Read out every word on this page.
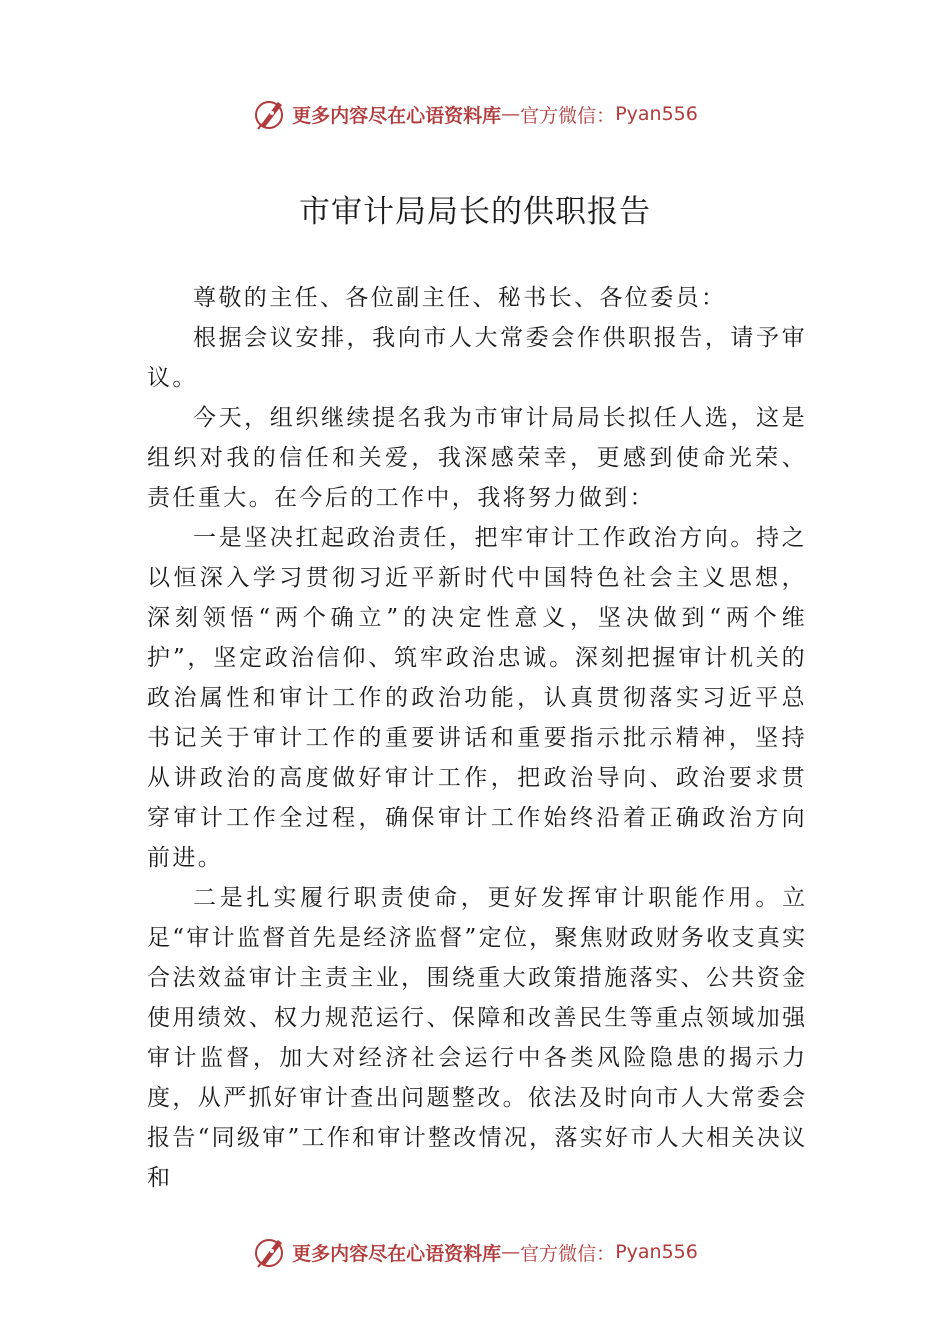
更多内容尽在心语资料库 — 官方微信： Pyan556
市审计局局长的供职报告

尊敬的主任、各位副主任、秘书长、各位委员：

根据会议安排，我向市人大常委会作供职报告，请予审议。

今天，组织继续提名我为市审计局局长拟任人选，这是组织对我的信任和关爱，我深感荣幸，更感到使命光荣、责任重大。在今后的工作中，我将努力做到：

一是坚决扛起政治责任，把牢审计工作政治方向。持之以恒深入学习贯彻习近平新时代中国特色社会主义思想，深刻领悟“两个确立”的决定性意义，坚决做到“两个维护”，坚定政治信仰、筑牢政治忠诚。深刻把握审计机关的政治属性和审计工作的政治功能，认真贯彻落实习近平总书记关于审计工作的重要讲话和重要指示批示精神，坚持从讲政治的高度做好审计工作，把政治导向、政治要求贯穿审计工作全过程，确保审计工作始终沿着正确政治方向前进。

二是扎实履行职责使命，更好发挥审计职能作用。立足“审计监督首先是经济监督”定位，聚焦财政财务收支真实合法效益审计主责主业，围绕重大政策措施落实、公共资金使用绩效、权力规范运行、保障和改善民生等重点领域加强审计监督，加大对经济社会运行中各类风险隐患的揭示力度，从严抓好审计查出问题整改。依法及时向市人大常委会报告“同级审”工作和审计整改情况，落实好市人大相关决议和

更多内容尽在心语资料库 — 官方微信： Pyan556
